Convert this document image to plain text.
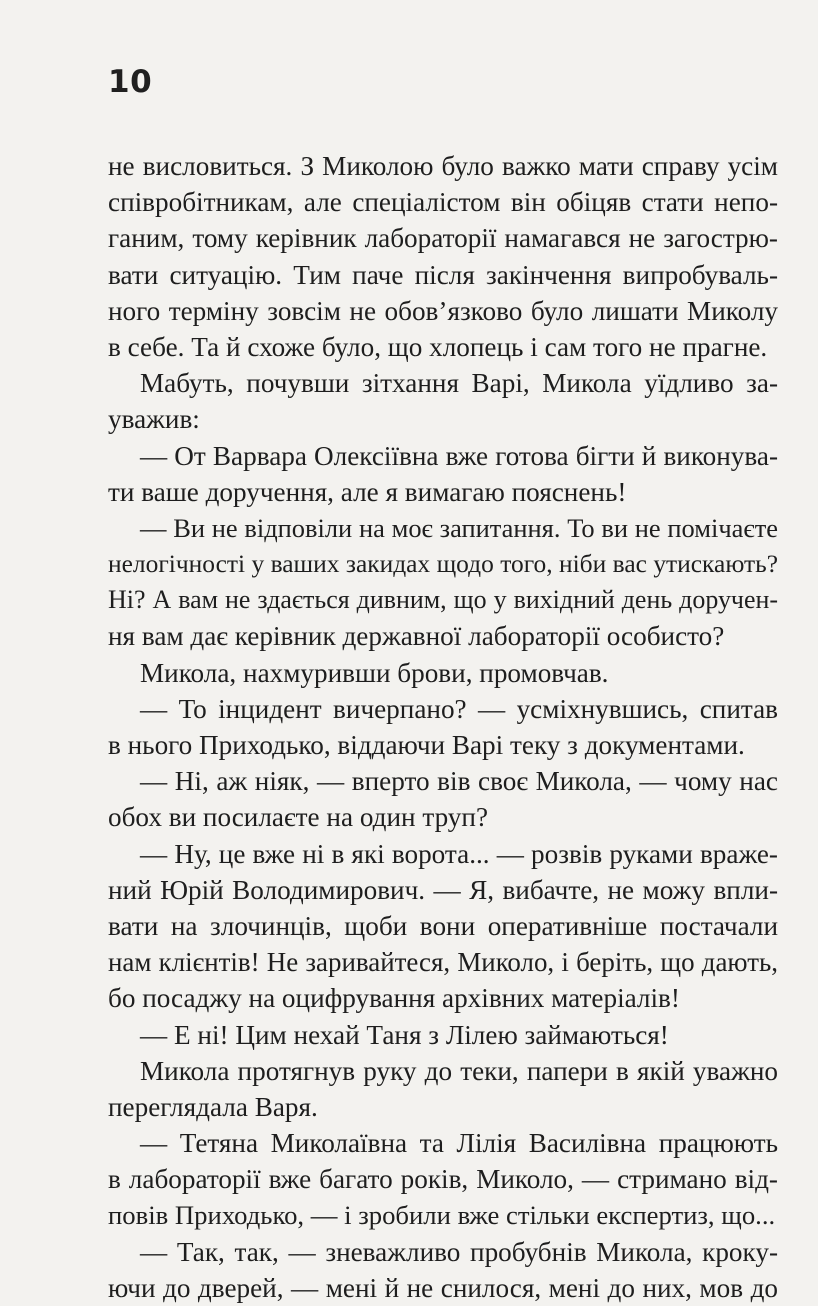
10
не висловиться. З Миколою було важко мати справу усім
співробітникам, але спеціалістом він обіцяв стати непо-
ганим, тому керівник лабораторії намагався не загострю-
вати ситуацію. Тим паче після закінчення випробуваль-
ного терміну зовсім не обов’язково було лишати Миколу
в себе. Та й схоже було, що хлопець і сам того не прагне.
Мабуть, почувши зітхання Варі, Микола уїдливо за-
уважив:
— От Варвара Олексіївна вже готова бігти й виконува-
ти ваше доручення, але я вимагаю пояснень!
— Ви не відповіли на моє запитання. То ви не помічаєте
нелогічності у ваших закидах щодо того, ніби вас утискають?
Ні? А вам не здається дивним, що у вихідний день доручен-
ня вам дає керівник державної лабораторії особисто?
Микола, нахмуривши брови, промовчав.
— То інцидент вичерпано? — усміхнувшись, спитав
в нього Приходько, віддаючи Варі теку з документами.
— Ні, аж ніяк, — вперто вів своє Микола, — чому нас
обох ви посилаєте на один труп?
— Ну, це вже ні в які ворота... — розвів руками враже-
ний Юрій Володимирович. — Я, вибачте, не можу впли-
вати на злочинців, щоби вони оперативніше постачали
нам клієнтів! Не заривайтеся, Миколо, і беріть, що дають,
бо посаджу на оцифрування архівних матеріалів!
— Е ні! Цим нехай Таня з Лілею займаються!
Микола протягнув руку до теки, папери в якій уважно
переглядала Варя.
— Тетяна Миколаївна та Лілія Василівна працюють
в лабораторії вже багато років, Миколо, — стримано від-
повів Приходько, — і зробили вже стільки експертиз, що...
— Так, так, — зневажливо пробубнів Микола, кроку-
ючи до дверей, — мені й не снилося, мені до них, мов до
